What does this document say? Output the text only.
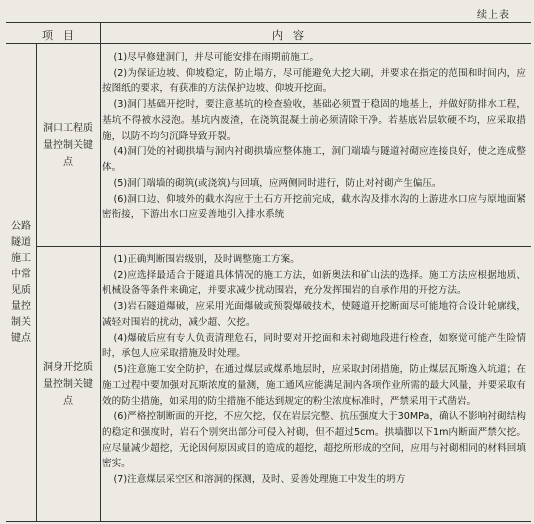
续上表
项目	内容
公路隧道施工中常见质量控制关键点
洞口工程质量控制关键点
洞身开挖质量控制关键点

(1)尽早修建洞门，并尽可能安排在雨期前施工。

(2)为保证边坡、仰坡稳定，防止塌方，尽可能避免大挖大刷，并要求在指定的范围和时间内，应按图纸的要求，有获准的方法保护边坡、仰坡开挖面。

(3)洞门基础开挖时，要注意基坑的检查验收，基础必须置于稳固的地基上，并做好防排水工程，基坑不得被水浸泡。基坑内废渣，在浇筑混凝土前必须清除干净。若基底岩层软硬不均，应采取措施，以防不均匀沉降导致开裂。

(4)洞门处的衬砌拱墙与洞内衬砌拱墙应整体施工，洞门端墙与隧道衬砌应连接良好，使之连成整体。

(5)洞门端墙的砌筑(或浇筑)与回填，应两侧同时进行，防止对衬砌产生偏压。

(6)洞口边、仰坡外的截水沟应于土石方开挖前完成，截水沟及排水沟的上游进水口应与原地面紧密衔接，下游出水口应妥善地引入排水系统

(1)正确判断围岩级别，及时调整施工方案。

(2)应选择最适合于隧道具体情况的施工方法，如新奥法和矿山法的选择。施工方法应根据地质、机械设备等条件来确定，并要求减少扰动围岩，充分发挥围岩的自承作用的开挖方法。

(3)岩石隧道爆破，应采用光面爆破或预裂爆破技术，使隧道开挖断面尽可能地符合设计轮廓线，减轻对围岩的扰动，减少超、欠挖。

(4)爆破后应有专人负责清理危石，同时要对开挖面和未衬砌地段进行检查，如察觉可能产生险情时，承包人应采取措施及时处理。

(5)注意施工安全防护，在通过煤层或煤系地层时，应采取封闭措施，防止煤层瓦斯逸入坑道；在施工过程中要加强对瓦斯浓度的量测，施工通风应能满足洞内各项作业所需的最大风量，并要采取有效的防尘措施，如采用的防尘措施不能达到规定的粉尘浓度标准时，严禁采用干式凿岩。

(6)严格控制断面的开挖，不应欠挖，仅在岩层完整、抗压强度大于30MPa，确认不影响衬砌结构的稳定和强度时，岩石个别突出部分可侵入衬砌，但不超过5cm。拱墙脚以下1m内断面严禁欠挖。应尽量减少超挖，无论因何原因或目的造成的超挖，超挖所形成的空间，应用与衬砌相同的材料回填密实。

(7)注意煤层采空区和溶洞的探测，及时、妥善处理施工中发生的坍方
